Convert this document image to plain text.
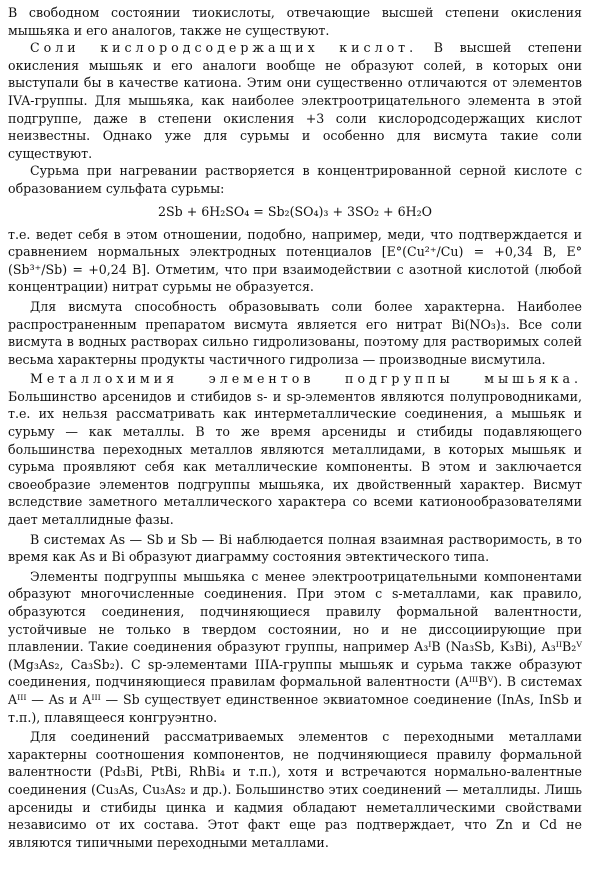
В свободном состоянии тиокислоты, отвечающие высшей степени окисления мышьяка и его аналогов, также не существуют.

Соли кислородсодержащих кислот. В высшей степени окисления мышьяк и его аналоги вообще не образуют солей, в которых они выступали бы в качестве катиона. Этим они существенно отличаются от элементов IVA-группы. Для мышьяка, как наиболее электроотрицательного элемента в этой подгруппе, даже в степени окисления +3 соли кислородсодержащих кислот неизвестны. Однако уже для сурьмы и особенно для висмута такие соли существуют.

Сурьма при нагревании растворяется в концентрированной серной кислоте с образованием сульфата сурьмы:

2Sb + 6H₂SO₄ = Sb₂(SO₄)₃ + 3SO₂ + 6H₂O

т.е. ведет себя в этом отношении, подобно, например, меди, что подтверждается и сравнением нормальных электродных потенциалов [E°(Cu²⁺/Cu) = +0,34 В, E°(Sb³⁺/Sb) = +0,24 В]. Отметим, что при взаимодействии с азотной кислотой (любой концентрации) нитрат сурьмы не образуется.

Для висмута способность образовывать соли более характерна. Наиболее распространенным препаратом висмута является его нитрат Bi(NO₃)₃. Все соли висмута в водных растворах сильно гидролизованы, поэтому для растворимых солей весьма характерны продукты частичного гидролиза — производные висмутила.

Металлохимия элементов подгруппы мышьяка. Большинство арсенидов и стибидов s- и sp-элементов являются полупроводниками, т.е. их нельзя рассматривать как интерметаллические соединения, а мышьяк и сурьму — как металлы. В то же время арсениды и стибиды подавляющего большинства переходных металлов являются металлидами, в которых мышьяк и сурьма проявляют себя как металлические компоненты. В этом и заключается своеобразие элементов подгруппы мышьяка, их двойственный характер. Висмут вследствие заметного металлического характера со всеми катионообразователями дает металлидные фазы.

В системах As — Sb и Sb — Bi наблюдается полная взаимная растворимость, в то время как As и Bi образуют диаграмму состояния эвтектического типа.

Элементы подгруппы мышьяка с менее электроотрицательными компонентами образуют многочисленные соединения. При этом с s-металлами, как правило, образуются соединения, подчиняющиеся правилу формальной валентности, устойчивые не только в твердом состоянии, но и не диссоциирующие при плавлении. Такие соединения образуют группы, например A₃ᴵB (Na₃Sb, K₃Bi), A₃ᴵᴵB₂ⱽ (Mg₃As₂, Ca₃Sb₂). С sp-элементами IIIA-группы мышьяк и сурьма также образуют соединения, подчиняющиеся правилам формальной валентности (AᴵᴵᴵBⱽ). В системах Aᴵᴵᴵ — As и Aᴵᴵᴵ — Sb существует единственное эквиатомное соединение (InAs, InSb и т.п.), плавящееся конгруэнтно.

Для соединений рассматриваемых элементов с переходными металлами характерны соотношения компонентов, не подчиняющиеся правилу формальной валентности (Pd₃Bi, PtBi, RhBi₄ и т.п.), хотя и встречаются нормально-валентные соединения (Cu₃As, Cu₃As₂ и др.). Большинство этих соединений — металлиды. Лишь арсениды и стибиды цинка и кадмия обладают неметаллическими свойствами независимо от их состава. Этот факт еще раз подтверждает, что Zn и Cd не являются типичными переходными металлами.
